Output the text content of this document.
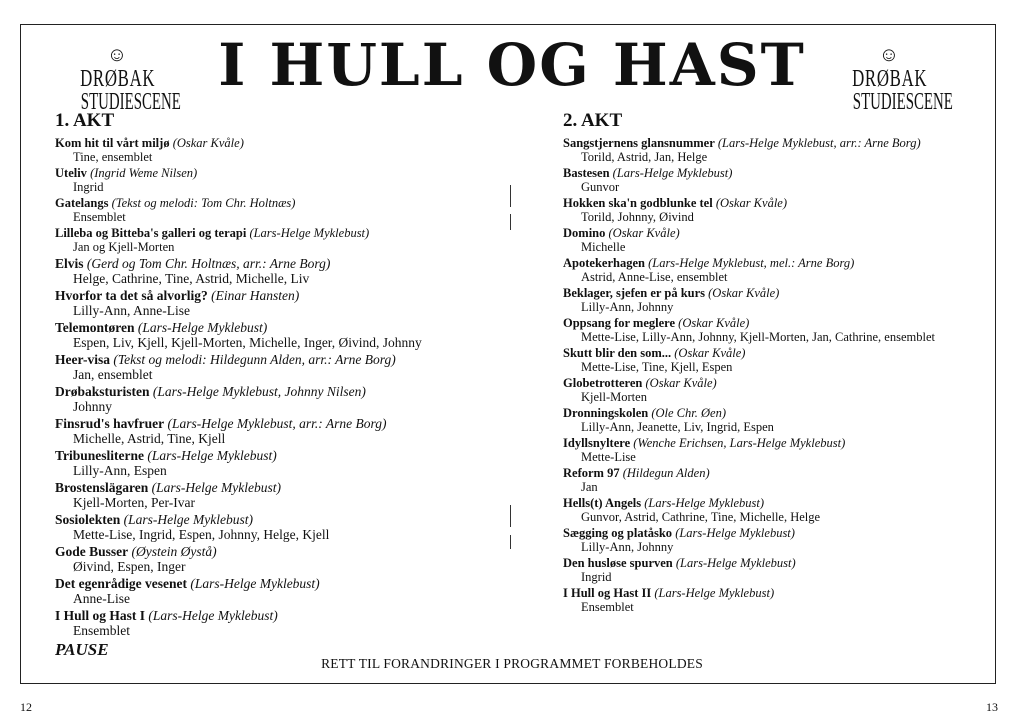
☺DRØBAK
STUDIESCENE
I HULL OG HAST	☺DRØBAK
STUDIESCENE
1. AKT
Kom hit til vårt miljø (Oskar Kvåle)
Tine, ensemblet
Uteliv (Ingrid Weme Nilsen)
Ingrid
Gatelangs (Tekst og melodi: Tom Chr. Holtnæs)
Ensemblet
Lilleba og Bitteba's galleri og terapi (Lars-Helge Myklebust)
Jan og Kjell-Morten
Elvis (Gerd og Tom Chr. Holtnæs, arr.: Arne Borg)
Helge, Cathrine, Tine, Astrid, Michelle, Liv
Hvorfor ta det så alvorlig? (Einar Hansten)
Lilly-Ann, Anne-Lise
Telemontøren (Lars-Helge Myklebust)
Espen, Liv, Kjell, Kjell-Morten, Michelle, Inger, Øivind, Johnny
Heer-visa (Tekst og melodi: Hildegunn Alden, arr.: Arne Borg)
Jan, ensemblet
Drøbaksturisten (Lars-Helge Myklebust, Johnny Nilsen)
Johnny
Finsrud's havfruer (Lars-Helge Myklebust, arr.: Arne Borg)
Michelle, Astrid, Tine, Kjell
Tribunesliterne (Lars-Helge Myklebust)
Lilly-Ann, Espen
Brostenslägaren (Lars-Helge Myklebust)
Kjell-Morten, Per-Ivar
Sosiolekten (Lars-Helge Myklebust)
Mette-Lise, Ingrid, Espen, Johnny, Helge, Kjell
Gode Busser (Øystein Øystå)
Øivind, Espen, Inger
Det egenrådige vesenet (Lars-Helge Myklebust)
Anne-Lise
I Hull og Hast I (Lars-Helge Myklebust)
Ensemblet
2. AKT
Sangstjernens glansnummer (Lars-Helge Myklebust, arr.: Arne Borg)
Torild, Astrid, Jan, Helge
Bastesen (Lars-Helge Myklebust)
Gunvor
Hokken ska'n godblunke tel (Oskar Kvåle)
Torild, Johnny, Øivind
Domino (Oskar Kvåle)
Michelle
Apotekerhagen (Lars-Helge Myklebust, mel.: Arne Borg)
Astrid, Anne-Lise, ensemblet
Beklager, sjefen er på kurs (Oskar Kvåle)
Lilly-Ann, Johnny
Oppsang for meglere (Oskar Kvåle)
Mette-Lise, Lilly-Ann, Johnny, Kjell-Morten, Jan, Cathrine, ensemblet
Skutt blir den som... (Oskar Kvåle)
Mette-Lise, Tine, Kjell, Espen
Globetrotteren (Oskar Kvåle)
Kjell-Morten
Dronningskolen (Ole Chr. Øen)
Lilly-Ann, Jeanette, Liv, Ingrid, Espen
Idyllsnyltere (Wenche Erichsen, Lars-Helge Myklebust)
Mette-Lise
Reform 97 (Hildegun Alden)
Jan
Hells(t) Angels (Lars-Helge Myklebust)
Gunvor, Astrid, Cathrine, Tine, Michelle, Helge
Sægging og platåsko (Lars-Helge Myklebust)
Lilly-Ann, Johnny
Den husløse spurven (Lars-Helge Myklebust)
Ingrid
I Hull og Hast II (Lars-Helge Myklebust)
Ensemblet
PAUSE
RETT TIL FORANDRINGER I PROGRAMMET FORBEHOLDES
12	13
